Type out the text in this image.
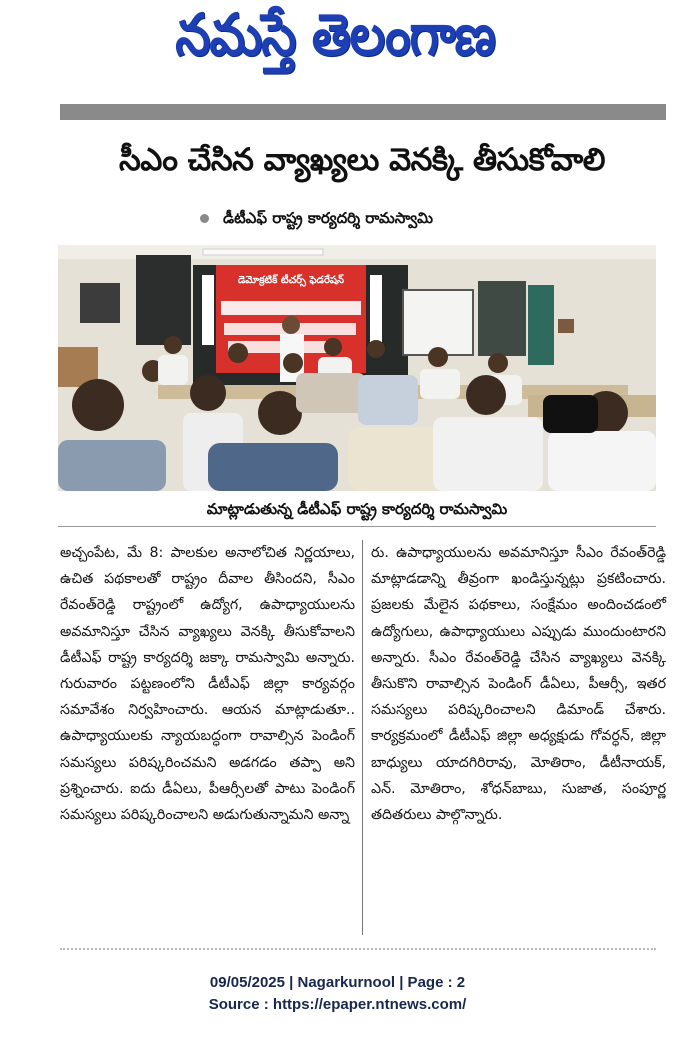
నమస్తే తెలంగాణ
సీఎం చేసిన వ్యాఖ్యలు వెనక్కి తీసుకోవాలి
డీటీఎఫ్ రాష్ట్ర కార్యదర్శి రామస్వామి
డెమోక్రటిక్ టీచర్స్ ఫెడరేషన్
మాట్లాడుతున్న డీటీఎఫ్ రాష్ట్ర కార్యదర్శి రామస్వామి

అచ్చంపేట, మే 8: పాలకుల అనాలోచిత నిర్ణయాలు, ఉచిత పథకాలతో రాష్ట్రం దీవాల తీసిందని, సీఎం రేవంత్‌రెడ్డి రాష్ట్రంలో ఉద్యోగ, ఉపాధ్యాయులను అవమానిస్తూ చేసిన వ్యాఖ్యలు వెనక్కి తీసుకోవాలని డీటీఎఫ్ రాష్ట్ర కార్యదర్శి జక్కా రామస్వామి అన్నారు. గురువారం పట్టణంలోని డీటీఎఫ్ జిల్లా కార్యవర్గం సమావేశం నిర్వహించారు. ఆయన మాట్లాడుతూ.. ఉపాధ్యాయులకు న్యాయబద్ధంగా రావాల్సిన పెండింగ్ సమస్యలు పరిష్కరించమని అడగడం తప్పా అని ప్రశ్నించారు. ఐదు డీఏలు, పీఆర్సీలతో పాటు పెండింగ్ సమస్యలు పరిష్కరించాలని అడుగుతున్నామని అన్నా

రు. ఉపాధ్యాయులను అవమానిస్తూ సీఎం రేవంత్‌రెడ్డి మాట్లాడడాన్ని తీవ్రంగా ఖండిస్తున్నట్లు ప్రకటించారు. ప్రజలకు మేలైన పథకాలు, సంక్షేమం అందించడంలో ఉద్యోగులు, ఉపాధ్యాయులు ఎప్పుడు ముందుంటారని అన్నారు. సీఎం రేవంత్‌రెడ్డి చేసిన వ్యాఖ్యలు వెనక్కి తీసుకొని రావాల్సిన పెండింగ్ డీఏలు, పీఆర్సీ, ఇతర సమస్యలు పరిష్కరించాలని డిమాండ్ చేశారు. కార్యక్రమంలో డీటీఎఫ్ జిల్లా అధ్యక్షుడు గోవర్ధన్, జిల్లా బాధ్యులు యాదగిరిరావు, మోతిరాం, డీటీనాయక్, ఎన్. మోతిరాం, శోధన్‌బాబు, సుజాత, సంపూర్ణ తదితరులు పాల్గొన్నారు.

09/05/2025 | Nagarkurnool | Page : 2
Source : https://epaper.ntnews.com/
